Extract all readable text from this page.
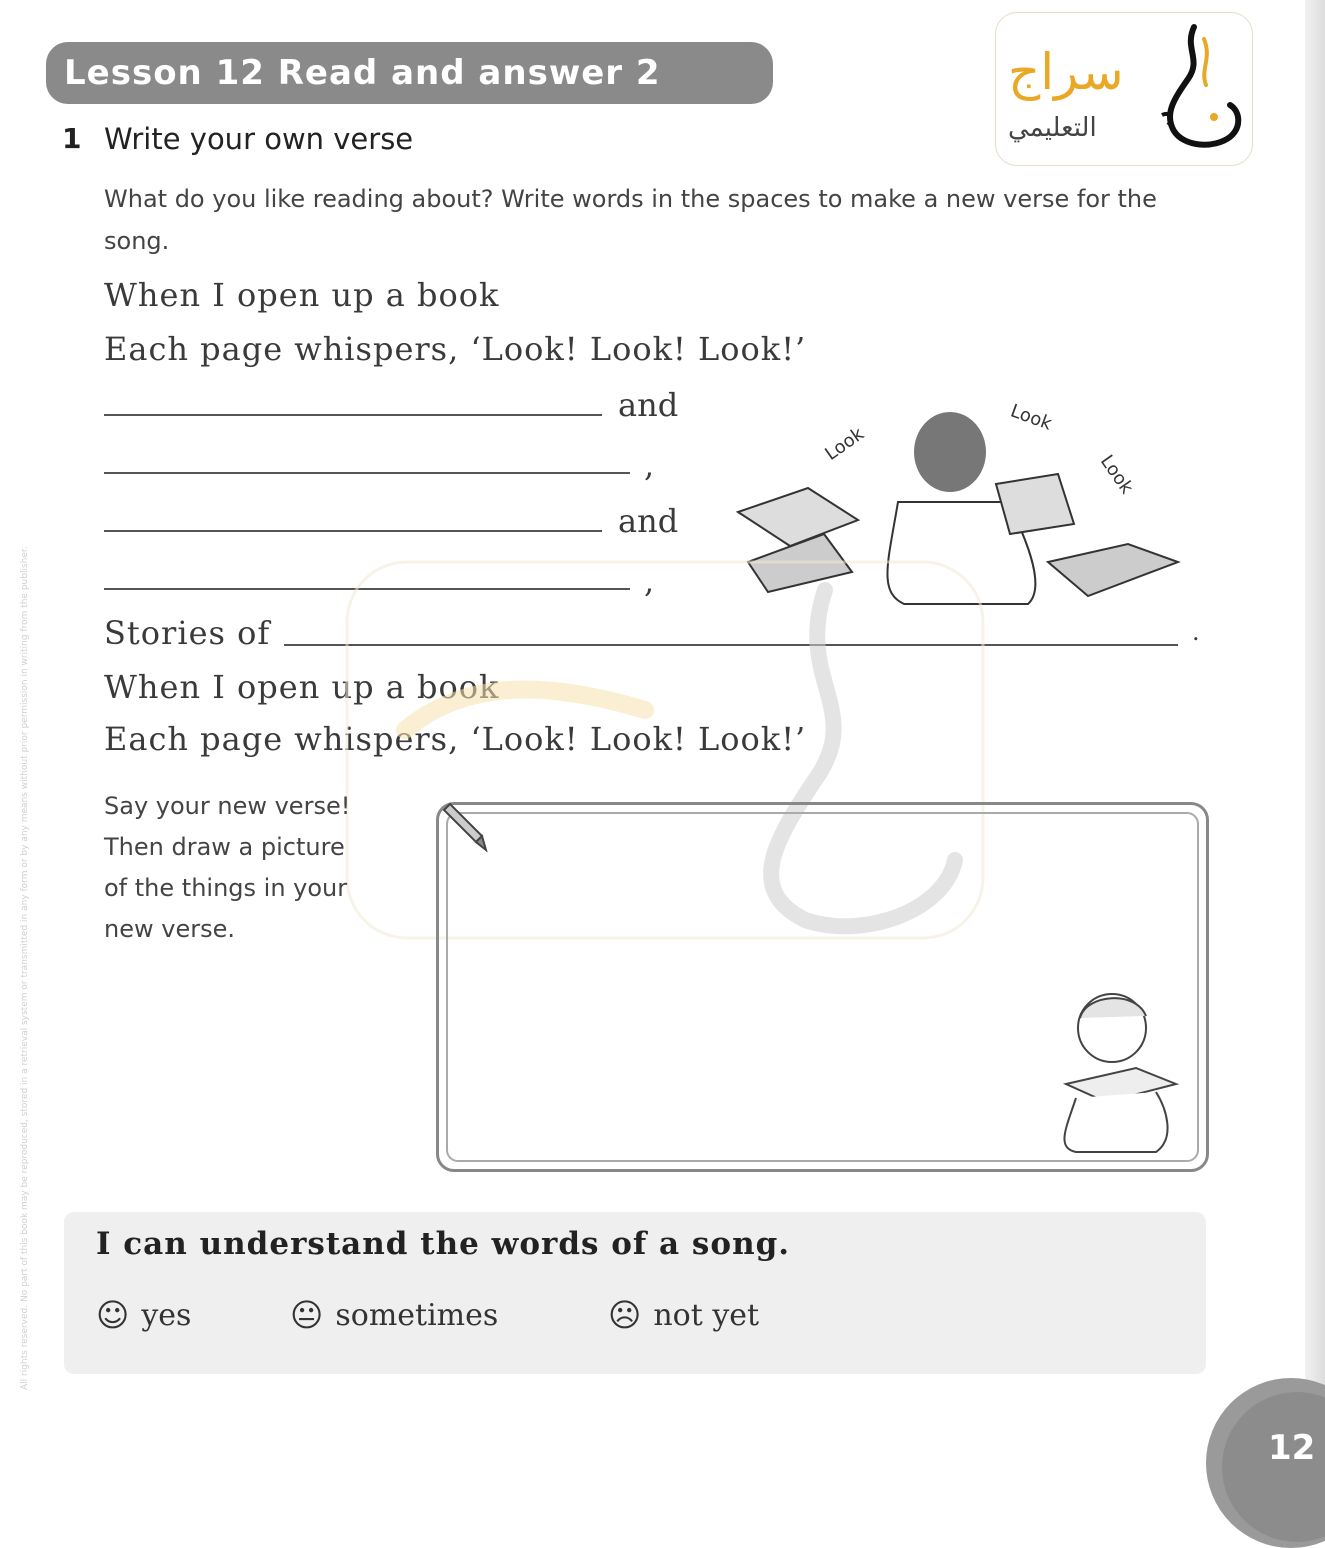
All rights reserved. No part of this book may be reproduced, stored in a retrieval system or transmitted in any form or by any means without prior permission in writing from the publisher.
Lesson 12 Read and answer 2	سراج
التعليمي
1 Write your own verse
What do you like reading about? Write words in the spaces to make a new verse for the song.
When I open up a book
Each page whispers, ‘Look! Look! Look!’
and
,
and
,
Stories of	.
When I open up a book
Each page whispers, ‘Look! Look! Look!’
Look
Look
Look
Say your new verse!
Then draw a picture
of the things in your
new verse.
I can understand the words of a song.
☺ yes	😐 sometimes	☹ not yet
12
